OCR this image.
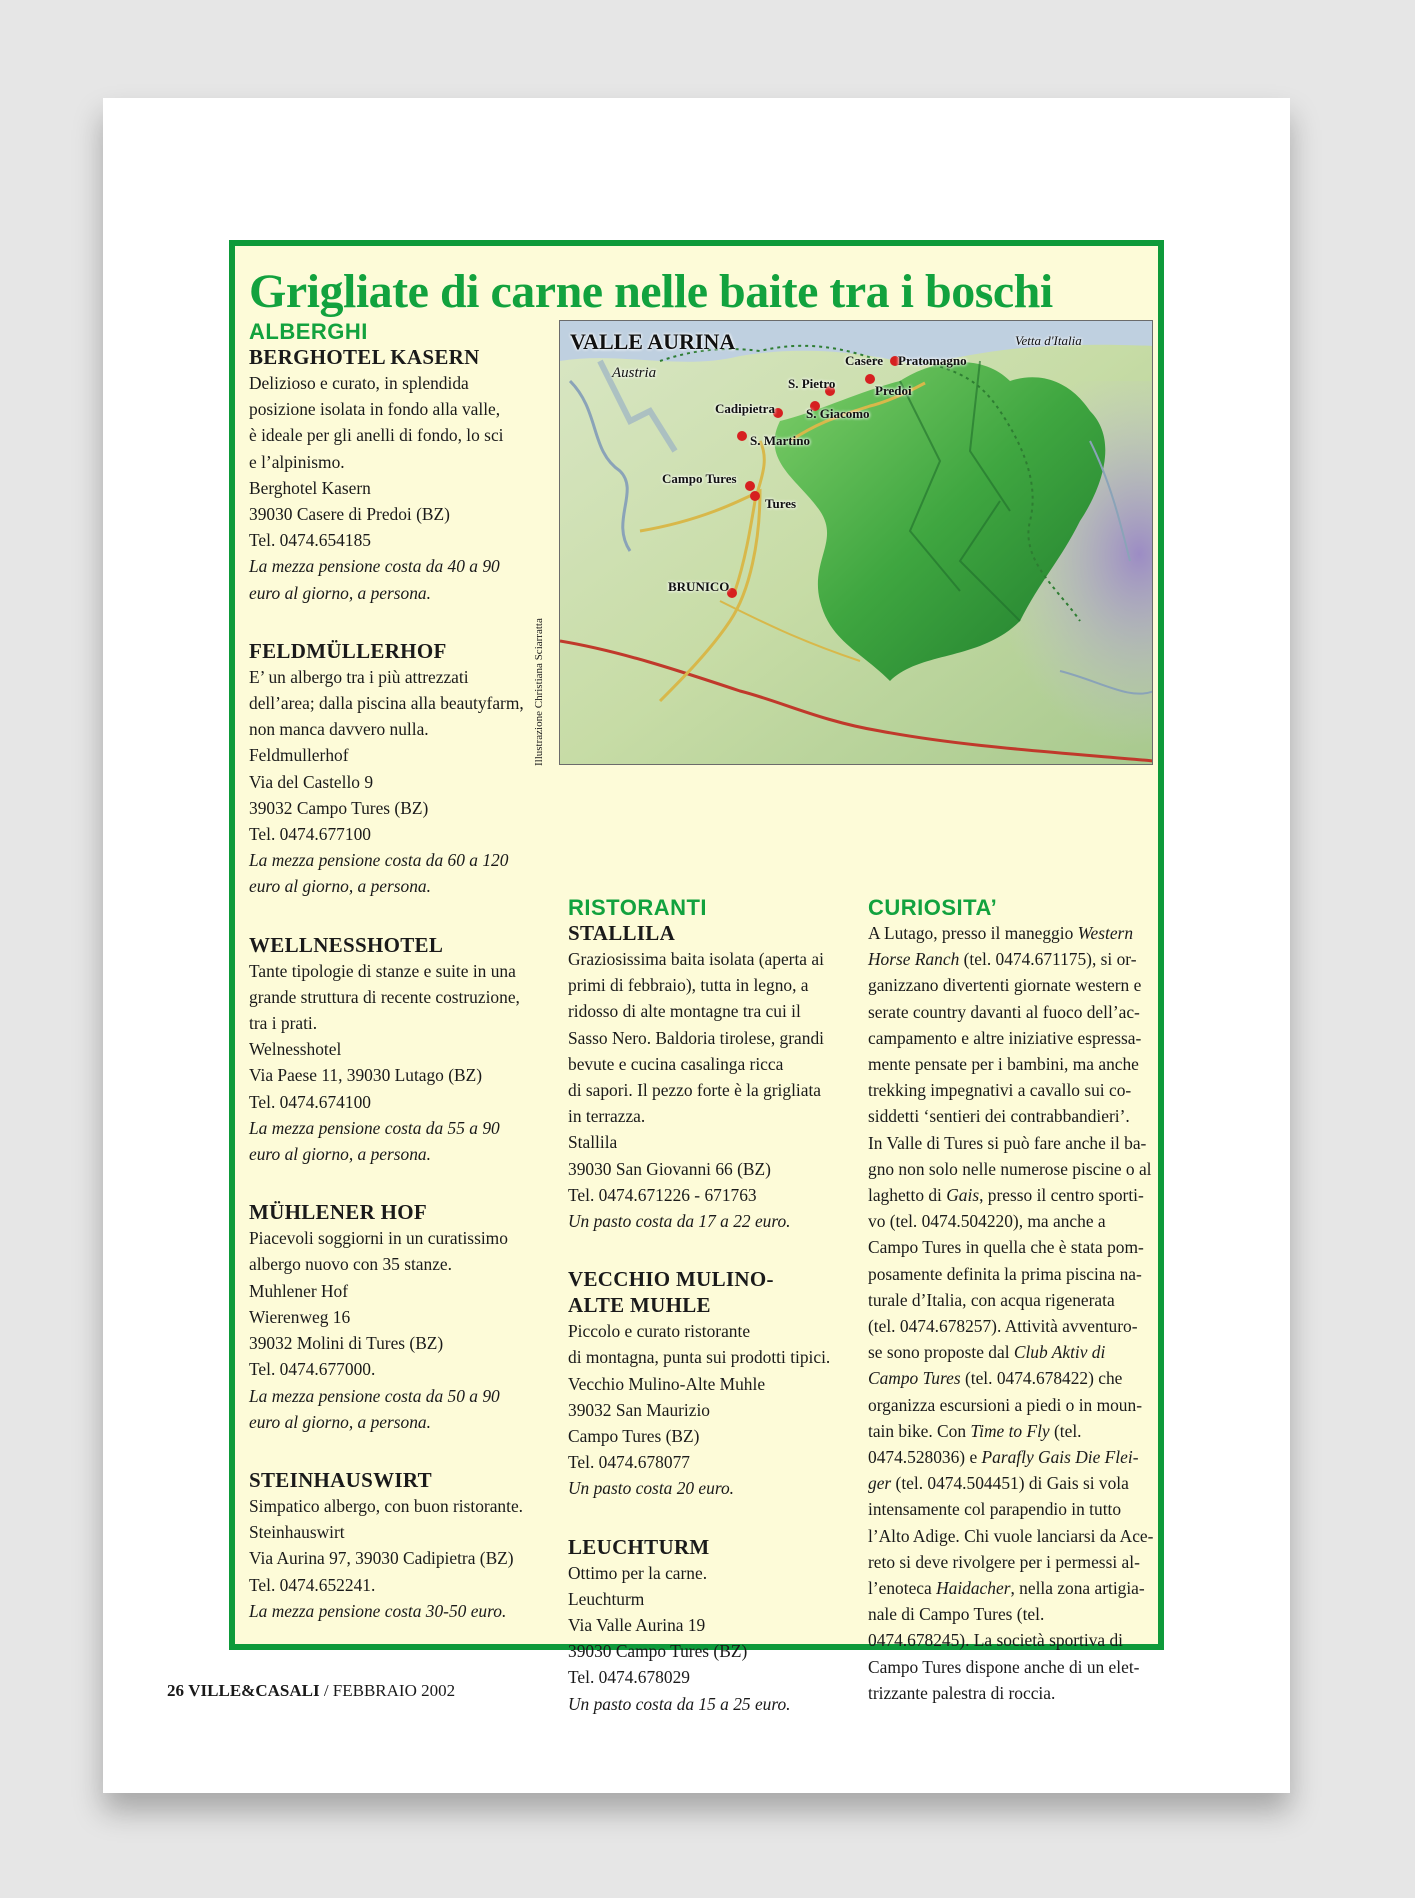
Grigliate di carne nelle baite tra i boschi
ALBERGHI
BERGHOTEL KASERN
Delizioso e curato, in splendida
posizione isolata in fondo alla valle,
è ideale per gli anelli di fondo, lo sci
e l’alpinismo.
Berghotel Kasern
39030 Casere di Predoi (BZ)
Tel. 0474.654185
La mezza pensione costa da 40 a 90
euro al giorno, a persona.
FELDMÜLLERHOF
E’ un albergo tra i più attrezzati
dell’area; dalla piscina alla beautyfarm,
non manca davvero nulla.
Feldmullerhof
Via del Castello 9
39032 Campo Tures (BZ)
Tel. 0474.677100
La mezza pensione costa da 60 a 120
euro al giorno, a persona.
WELLNESSHOTEL
Tante tipologie di stanze e suite in una
grande struttura di recente costruzione,
tra i prati.
Welnesshotel
Via Paese 11, 39030 Lutago (BZ)
Tel. 0474.674100
La mezza pensione costa da 55 a 90
euro al giorno, a persona.
MÜHLENER HOF
Piacevoli soggiorni in un curatissimo
albergo nuovo con 35 stanze.
Muhlener Hof
Wierenweg 16
39032 Molini di Tures (BZ)
Tel. 0474.677000.
La mezza pensione costa da 50 a 90
euro al giorno, a persona.
STEINHAUSWIRT
Simpatico albergo, con buon ristorante.
Steinhauswirt
Via Aurina 97, 39030 Cadipietra (BZ)
Tel. 0474.652241.
La mezza pensione costa 30-50 euro.
VALLE AURINA
Austria
Vetta d'Italia
Casere
Predoi
Pratomagno
S. Pietro
S. Giacomo
Cadipietra
S. Martino
Campo Tures
Tures
BRUNICO
Illustrazione Christiana Sciarratta
RISTORANTI
STALLILA
Graziosissima baita isolata (aperta ai
primi di febbraio), tutta in legno, a
ridosso di alte montagne tra cui il
Sasso Nero. Baldoria tirolese, grandi
bevute e cucina casalinga ricca
di sapori. Il pezzo forte è la grigliata
in terrazza.
Stallila
39030 San Giovanni 66 (BZ)
Tel. 0474.671226 - 671763
Un pasto costa da 17 a 22 euro.
VECCHIO MULINO-
ALTE MUHLE
Piccolo e curato ristorante
di montagna, punta sui prodotti tipici.
Vecchio Mulino-Alte Muhle
39032 San Maurizio
Campo Tures (BZ)
Tel. 0474.678077
Un pasto costa 20 euro.
LEUCHTURM
Ottimo per la carne.
Leuchturm
Via Valle Aurina 19
39030 Campo Tures (BZ)
Tel. 0474.678029
Un pasto costa da 15 a 25 euro.
CURIOSITA’
A Lutago, presso il maneggio Western
Horse Ranch (tel. 0474.671175), si or-
ganizzano divertenti giornate western e
serate country davanti al fuoco dell’ac-
campamento e altre iniziative espressa-
mente pensate per i bambini, ma anche
trekking impegnativi a cavallo sui co-
siddetti ‘sentieri dei contrabbandieri’.
In Valle di Tures si può fare anche il ba-
gno non solo nelle numerose piscine o al
laghetto di Gais, presso il centro sporti-
vo (tel. 0474.504220), ma anche a
Campo Tures in quella che è stata pom-
posamente definita la prima piscina na-
turale d’Italia, con acqua rigenerata
(tel. 0474.678257). Attività avventuro-
se sono proposte dal Club Aktiv di
Campo Tures (tel. 0474.678422) che
organizza escursioni a piedi o in moun-
tain bike. Con Time to Fly (tel.
0474.528036) e Parafly Gais Die Flei-
ger (tel. 0474.504451) di Gais si vola
intensamente col parapendio in tutto
l’Alto Adige. Chi vuole lanciarsi da Ace-
reto si deve rivolgere per i permessi al-
l’enoteca Haidacher, nella zona artigia-
nale di Campo Tures (tel.
0474.678245). La società sportiva di
Campo Tures dispone anche di un elet-
trizzante palestra di roccia.
26 VILLE&CASALI / FEBBRAIO 2002
